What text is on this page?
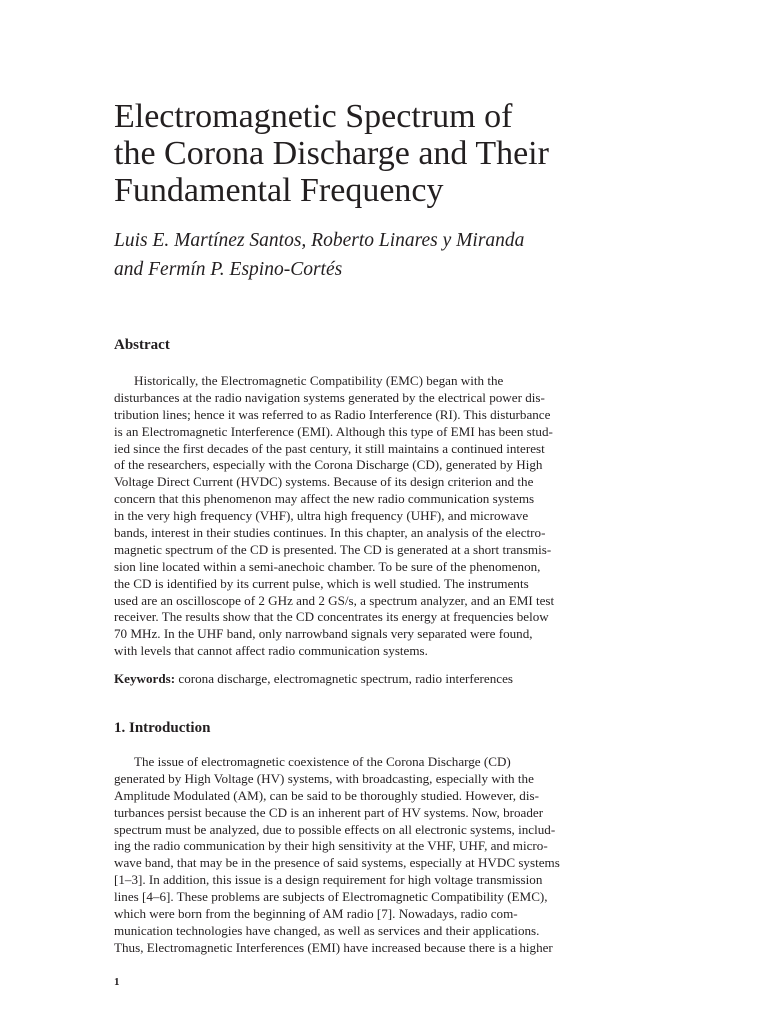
Electromagnetic Spectrum of
the Corona Discharge and Their
Fundamental Frequency
Luis E. Martínez Santos, Roberto Linares y Miranda
and Fermín P. Espino-Cortés
Abstract
Historically, the Electromagnetic Compatibility (EMC) began with the
disturbances at the radio navigation systems generated by the electrical power dis-
tribution lines; hence it was referred to as Radio Interference (RI). This disturbance
is an Electromagnetic Interference (EMI). Although this type of EMI has been stud-
ied since the first decades of the past century, it still maintains a continued interest
of the researchers, especially with the Corona Discharge (CD), generated by High
Voltage Direct Current (HVDC) systems. Because of its design criterion and the
concern that this phenomenon may affect the new radio communication systems
in the very high frequency (VHF), ultra high frequency (UHF), and microwave
bands, interest in their studies continues. In this chapter, an analysis of the electro-
magnetic spectrum of the CD is presented. The CD is generated at a short transmis-
sion line located within a semi-anechoic chamber. To be sure of the phenomenon,
the CD is identified by its current pulse, which is well studied. The instruments
used are an oscilloscope of 2 GHz and 2 GS/s, a spectrum analyzer, and an EMI test
receiver. The results show that the CD concentrates its energy at frequencies below
70 MHz. In the UHF band, only narrowband signals very separated were found,
with levels that cannot affect radio communication systems.
Keywords: corona discharge, electromagnetic spectrum, radio interferences
1. Introduction
The issue of electromagnetic coexistence of the Corona Discharge (CD)
generated by High Voltage (HV) systems, with broadcasting, especially with the
Amplitude Modulated (AM), can be said to be thoroughly studied. However, dis-
turbances persist because the CD is an inherent part of HV systems. Now, broader
spectrum must be analyzed, due to possible effects on all electronic systems, includ-
ing the radio communication by their high sensitivity at the VHF, UHF, and micro-
wave band, that may be in the presence of said systems, especially at HVDC systems
[1–3]. In addition, this issue is a design requirement for high voltage transmission
lines [4–6]. These problems are subjects of Electromagnetic Compatibility (EMC),
which were born from the beginning of AM radio [7]. Nowadays, radio com-
munication technologies have changed, as well as services and their applications.
Thus, Electromagnetic Interferences (EMI) have increased because there is a higher
1
